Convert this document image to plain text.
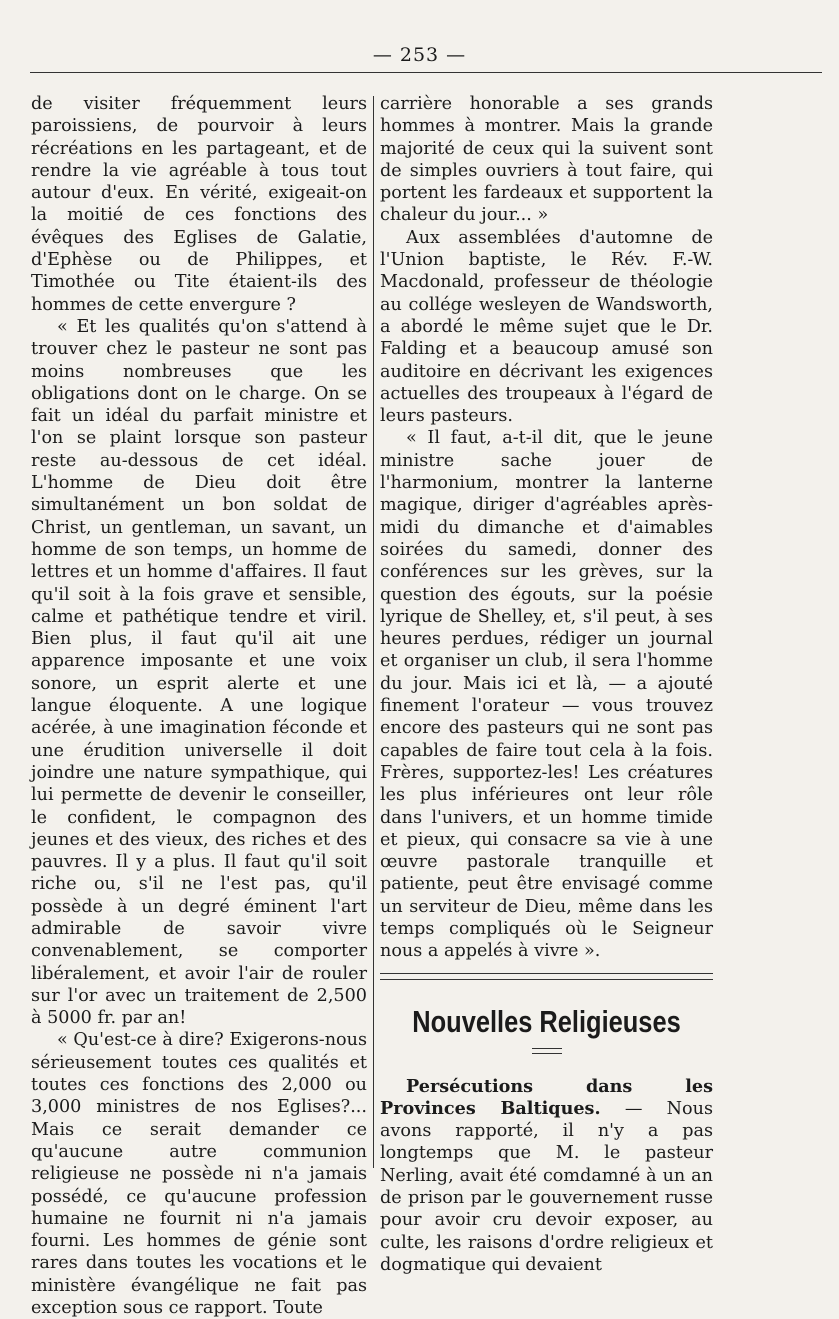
— 253 —

de visiter fréquemment leurs paroissiens, de pourvoir à leurs récréations en les partageant, et de rendre la vie agréable à tous tout autour d'eux. En vérité, exigeait-on la moitié de ces fonctions des évêques des Eglises de Galatie, d'Ephèse ou de Philippes, et Timothée ou Tite étaient-ils des hommes de cette envergure ?

« Et les qualités qu'on s'attend à trouver chez le pasteur ne sont pas moins nombreuses que les obligations dont on le charge. On se fait un idéal du parfait ministre et l'on se plaint lorsque son pasteur reste au-dessous de cet idéal. L'homme de Dieu doit être simultanément un bon soldat de Christ, un gentleman, un savant, un homme de son temps, un homme de lettres et un homme d'affaires. Il faut qu'il soit à la fois grave et sensible, calme et pathétique tendre et viril. Bien plus, il faut qu'il ait une apparence imposante et une voix sonore, un esprit alerte et une langue éloquente. A une logique acérée, à une imagination féconde et une érudition universelle il doit joindre une nature sympathique, qui lui permette de devenir le conseiller, le confident, le compagnon des jeunes et des vieux, des riches et des pauvres. Il y a plus. Il faut qu'il soit riche ou, s'il ne l'est pas, qu'il possède à un degré éminent l'art admirable de savoir vivre convenablement, se comporter libéralement, et avoir l'air de rouler sur l'or avec un traitement de 2,500 à 5000 fr. par an!

« Qu'est-ce à dire? Exigerons-nous sérieusement toutes ces qualités et toutes ces fonctions des 2,000 ou 3,000 ministres de nos Eglises?... Mais ce serait demander ce qu'aucune autre communion religieuse ne possède ni n'a jamais possédé, ce qu'aucune profession humaine ne fournit ni n'a jamais fourni. Les hommes de génie sont rares dans toutes les vocations et le ministère évangélique ne fait pas exception sous ce rapport. Toute

carrière honorable a ses grands hommes à montrer. Mais la grande majorité de ceux qui la suivent sont de simples ouvriers à tout faire, qui portent les fardeaux et supportent la chaleur du jour... »

Aux assemblées d'automne de l'Union baptiste, le Rév. F.-W. Macdonald, professeur de théologie au collége wesleyen de Wandsworth, a abordé le même sujet que le Dr. Falding et a beaucoup amusé son auditoire en décrivant les exigences actuelles des troupeaux à l'égard de leurs pasteurs.

« Il faut, a-t-il dit, que le jeune ministre sache jouer de l'harmonium, montrer la lanterne magique, diriger d'agréables après-midi du dimanche et d'aimables soirées du samedi, donner des conférences sur les grèves, sur la question des égouts, sur la poésie lyrique de Shelley, et, s'il peut, à ses heures perdues, rédiger un journal et organiser un club, il sera l'homme du jour. Mais ici et là, — a ajouté finement l'orateur — vous trouvez encore des pasteurs qui ne sont pas capables de faire tout cela à la fois. Frères, supportez-les! Les créatures les plus inférieures ont leur rôle dans l'univers, et un homme timide et pieux, qui consacre sa vie à une œuvre pastorale tranquille et patiente, peut être envisagé comme un serviteur de Dieu, même dans les temps compliqués où le Seigneur nous a appelés à vivre ».

Nouvelles Religieuses

Persécutions dans les Provinces Baltiques. — Nous avons rapporté, il n'y a pas longtemps que M. le pasteur Nerling, avait été comdamné à un an de prison par le gouvernement russe pour avoir cru devoir exposer, au culte, les raisons d'ordre religieux et dogmatique qui devaient
